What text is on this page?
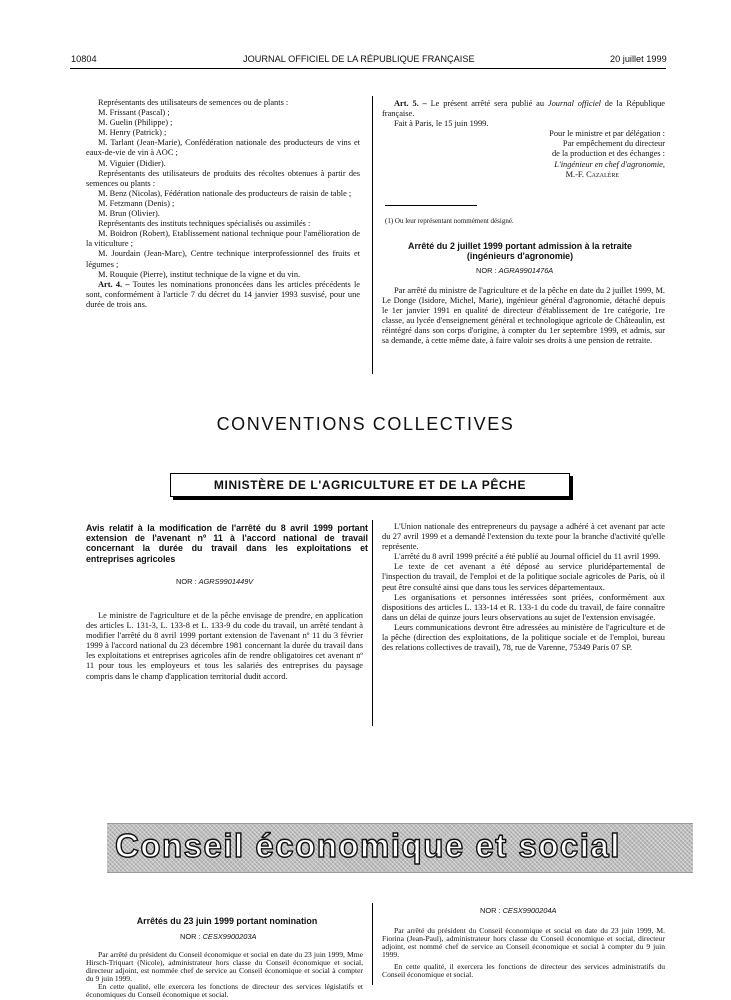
10804	JOURNAL OFFICIEL DE LA RÉPUBLIQUE FRANÇAISE	20 juillet 1999

Représentants des utilisateurs de semences ou de plants :

M. Frissant (Pascal) ;

M. Guelin (Philippe) ;

M. Henry (Patrick) ;

M. Tarlant (Jean-Marie), Confédération nationale des producteurs de vins et eaux-de-vie de vin à AOC ;

M. Viguier (Didier).

Représentants des utilisateurs de produits des récoltes obtenues à partir des semences ou plants :

M. Benz (Nicolas), Fédération nationale des producteurs de raisin de table ;

M. Fetzmann (Denis) ;

M. Brun (Olivier).

Représentants des instituts techniques spécialisés ou assimilés :

M. Boidron (Robert), Etablissement national technique pour l'amélioration de la viticulture ;

M. Jourdain (Jean-Marc), Centre technique interprofessionnel des fruits et légumes ;

M. Rouquie (Pierre), institut technique de la vigne et du vin.

Art. 4. – Toutes les nominations prononcées dans les articles précédents le sont, conformément à l'article 7 du décret du 14 janvier 1993 susvisé, pour une durée de trois ans.

Art. 5. – Le présent arrêté sera publié au Journal officiel de la République française.

Fait à Paris, le 15 juin 1999.

Pour le ministre et par délégation :

Par empêchement du directeur

de la production et des échanges :

L'ingénieur en chef d'agronomie,

M.-F. Cazalère

(1) Ou leur représentant nommément désigné.
Arrêté du 2 juillet 1999 portant admission à la retraite (ingénieurs d'agronomie)
NOR : AGRA9901476A

Par arrêté du ministre de l'agriculture et de la pêche en date du 2 juillet 1999, M. Le Donge (Isidore, Michel, Marie), ingénieur général d'agronomie, détaché depuis le 1er janvier 1991 en qualité de directeur d'établissement de 1re catégorie, 1re classe, au lycée d'enseignement général et technologique agricole de Châteaulin, est réintégré dans son corps d'origine, à compter du 1er septembre 1999, et admis, sur sa demande, à cette même date, à faire valoir ses droits à une pension de retraite.

CONVENTIONS COLLECTIVES
MINISTÈRE DE L'AGRICULTURE ET DE LA PÊCHE
Avis relatif à la modification de l'arrêté du 8 avril 1999 portant extension de l'avenant nº 11 à l'accord national de travail concernant la durée du travail dans les exploitations et entreprises agricoles
NOR : AGRS9901449V

Le ministre de l'agriculture et de la pêche envisage de prendre, en application des articles L. 131-3, L. 133-8 et L. 133-9 du code du travail, un arrêté tendant à modifier l'arrêté du 8 avril 1999 portant extension de l'avenant nº 11 du 3 février 1999 à l'accord national du 23 décembre 1981 concernant la durée du travail dans les exploitations et entreprises agricoles afin de rendre obligatoires cet avenant nº 11 pour tous les employeurs et tous les salariés des entreprises du paysage compris dans le champ d'application territorial dudit accord.

L'Union nationale des entrepreneurs du paysage a adhéré à cet avenant par acte du 27 avril 1999 et a demandé l'extension du texte pour la branche d'activité qu'elle représente.

L'arrêté du 8 avril 1999 précité a été publié au Journal officiel du 11 avril 1999.

Le texte de cet avenant a été déposé au service pluridépartemental de l'inspection du travail, de l'emploi et de la politique sociale agricoles de Paris, où il peut être consulté ainsi que dans tous les services départementaux.

Les organisations et personnes intéressées sont priées, conformément aux dispositions des articles L. 133-14 et R. 133-1 du code du travail, de faire connaître dans un délai de quinze jours leurs observations au sujet de l'extension envisagée.

Leurs communications devront être adressées au ministère de l'agriculture et de la pêche (direction des exploitations, de la politique sociale et de l'emploi, bureau des relations collectives de travail), 78, rue de Varenne, 75349 Paris 07 SP.

Conseil économique et social
Arrêtés du 23 juin 1999 portant nomination
NOR : CESX9900203A

Par arrêté du président du Conseil économique et social en date du 23 juin 1999, Mme Hirsch-Triquart (Nicole), administrateur hors classe du Conseil économique et social, directeur adjoint, est nommée chef de service au Conseil économique et social à compter du 9 juin 1999.

En cette qualité, elle exercera les fonctions de directeur des services législatifs et économiques du Conseil économique et social.

NOR : CESX9900204A

Par arrêté du président du Conseil économique et social en date du 23 juin 1999, M. Fiorina (Jean-Paul), administrateur hors classe du Conseil économique et social, directeur adjoint, est nommé chef de service au Conseil économique et social à compter du 9 juin 1999.

En cette qualité, il exercera les fonctions de directeur des services administratifs du Conseil économique et social.
